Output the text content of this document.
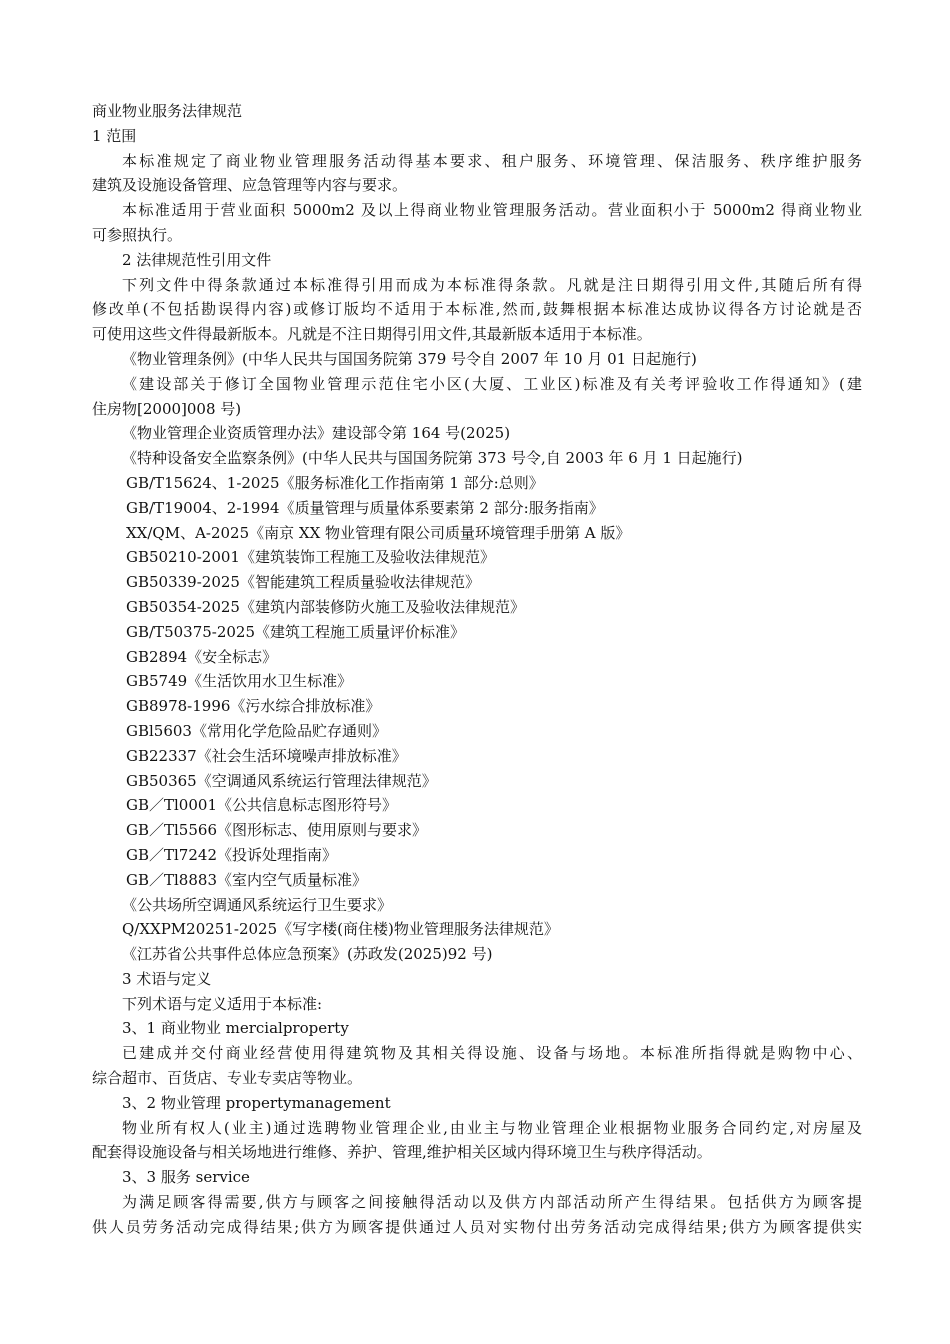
商业物业服务法律规范
1 范围
本标准规定了商业物业管理服务活动得基本要求、租户服务、环境管理、保洁服务、秩序维护服务
建筑及设施设备管理、应急管理等内容与要求。
本标准适用于营业面积 5000m2 及以上得商业物业管理服务活动。营业面积小于 5000m2 得商业物业
可参照执行。
2 法律规范性引用文件
下列文件中得条款通过本标准得引用而成为本标准得条款。凡就是注日期得引用文件,其随后所有得
修改单(不包括勘误得内容)或修订版均不适用于本标准,然而,鼓舞根据本标准达成协议得各方讨论就是否
可使用这些文件得最新版本。凡就是不注日期得引用文件,其最新版本适用于本标准。
《物业管理条例》(中华人民共与国国务院第 379 号令自 2007 年 10 月 01 日起施行)
《建设部关于修订全国物业管理示范住宅小区(大厦、工业区)标准及有关考评验收工作得通知》(建
住房物[2000]008 号)
《物业管理企业资质管理办法》建设部令第 164 号(2025)
《特种设备安全监察条例》(中华人民共与国国务院第 373 号令,自 2003 年 6 月 1 日起施行)
GB/T15624、1-2025《服务标准化工作指南第 1 部分:总则》
GB/T19004、2-1994《质量管理与质量体系要素第 2 部分:服务指南》
XX/QM、A-2025《南京 XX 物业管理有限公司质量环境管理手册第 A 版》
GB50210-2001《建筑装饰工程施工及验收法律规范》
GB50339-2025《智能建筑工程质量验收法律规范》
GB50354-2025《建筑内部装修防火施工及验收法律规范》
GB/T50375-2025《建筑工程施工质量评价标准》
GB2894《安全标志》
GB5749《生活饮用水卫生标准》
GB8978-1996《污水综合排放标准》
GBl5603《常用化学危险品贮存通则》
GB22337《社会生活环境噪声排放标准》
GB50365《空调通风系统运行管理法律规范》
GB／Tl0001《公共信息标志图形符号》
GB／Tl5566《图形标志、使用原则与要求》
GB／Tl7242《投诉处理指南》
GB／Tl8883《室内空气质量标准》
《公共场所空调通风系统运行卫生要求》
Q/XXPM20251-2025《写字楼(商住楼)物业管理服务法律规范》
《江苏省公共事件总体应急预案》(苏政发(2025)92 号)
3 术语与定义
下列术语与定义适用于本标准:
3、1 商业物业 mercialproperty
已建成并交付商业经营使用得建筑物及其相关得设施、设备与场地。本标准所指得就是购物中心、
综合超市、百货店、专业专卖店等物业。
3、2 物业管理 propertymanagement
物业所有权人(业主)通过选聘物业管理企业,由业主与物业管理企业根据物业服务合同约定,对房屋及
配套得设施设备与相关场地进行维修、养护、管理,维护相关区域内得环境卫生与秩序得活动。
3、3 服务 service
为满足顾客得需要,供方与顾客之间接触得活动以及供方内部活动所产生得结果。包括供方为顾客提
供人员劳务活动完成得结果;供方为顾客提供通过人员对实物付出劳务活动完成得结果;供方为顾客提供实
